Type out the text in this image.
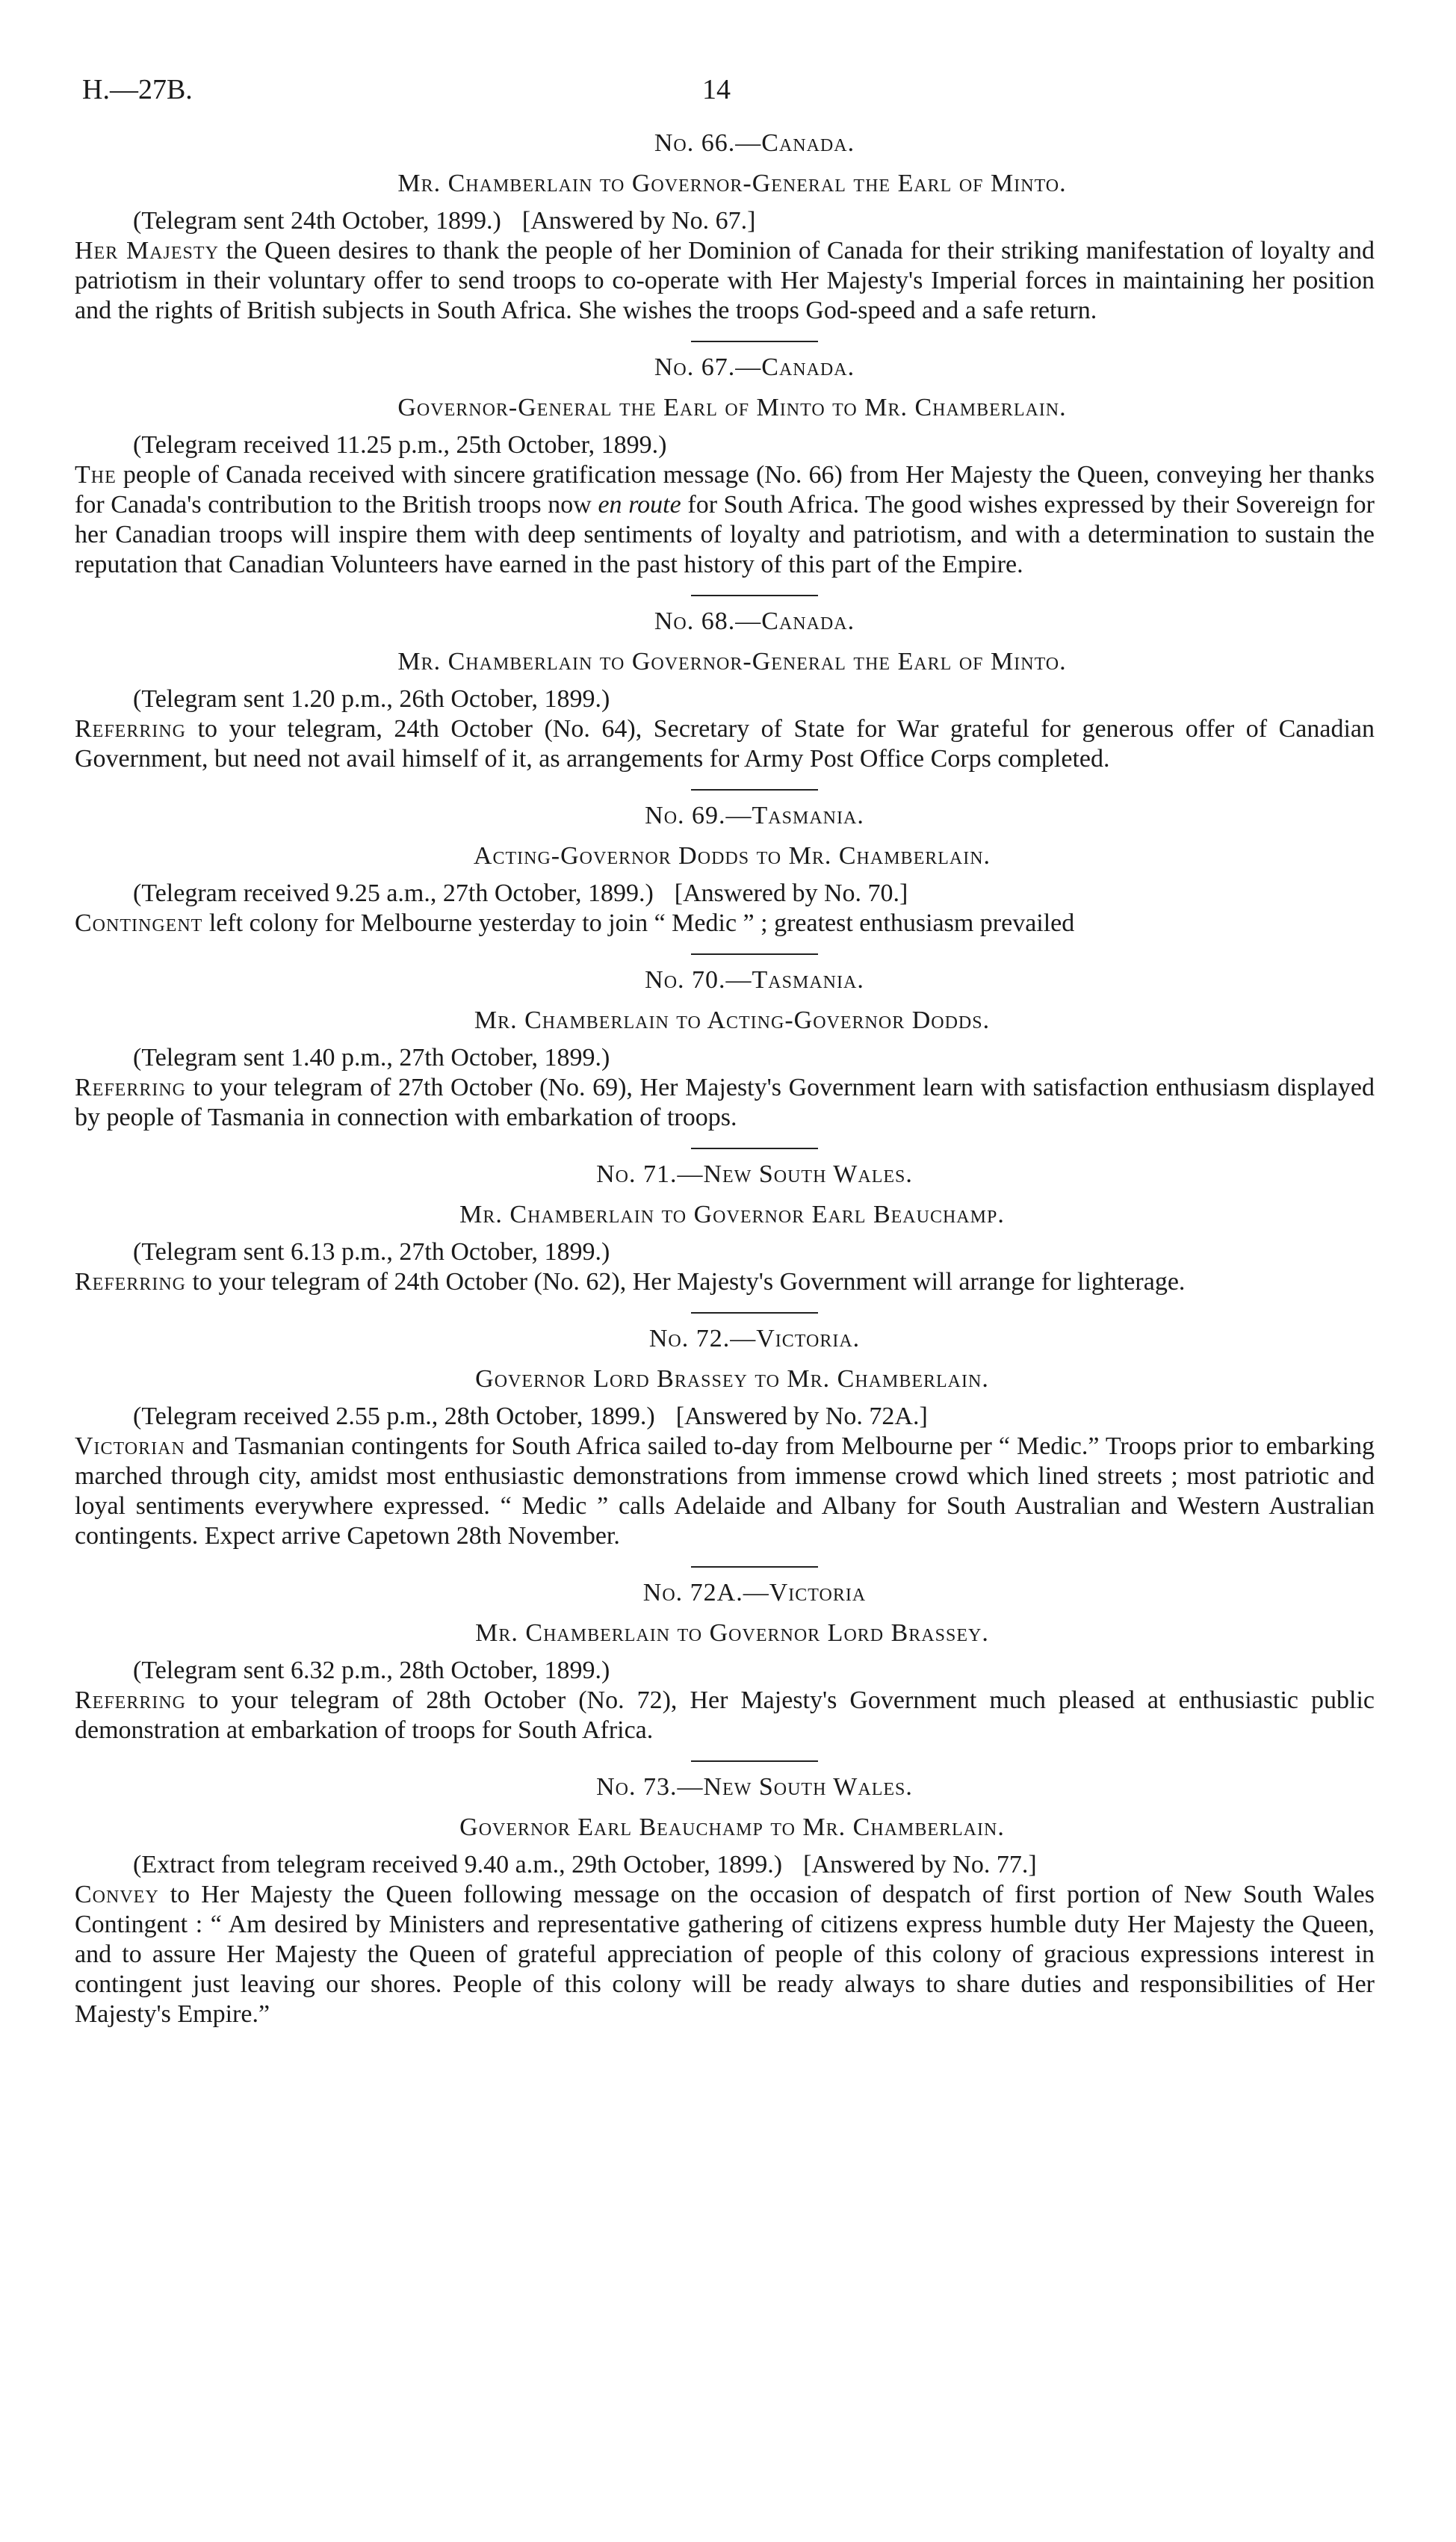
H.—27B.	14
No. 66.—Canada.
Mr. Chamberlain to Governor-General the Earl of Minto.
(Telegram sent 24th October, 1899.) [Answered by No. 67.]
Her Majesty the Queen desires to thank the people of her Dominion of Canada for their striking manifestation of loyalty and patriotism in their voluntary offer to send troops to co-operate with Her Majesty's Imperial forces in maintaining her position and the rights of British subjects in South Africa. She wishes the troops God-speed and a safe return.
No. 67.—Canada.
Governor-General the Earl of Minto to Mr. Chamberlain.
(Telegram received 11.25 p.m., 25th October, 1899.)
The people of Canada received with sincere gratification message (No. 66) from Her Majesty the Queen, conveying her thanks for Canada's contribution to the British troops now en route for South Africa. The good wishes expressed by their Sovereign for her Canadian troops will inspire them with deep sentiments of loyalty and patriotism, and with a determination to sustain the reputation that Canadian Volunteers have earned in the past history of this part of the Empire.
No. 68.—Canada.
Mr. Chamberlain to Governor-General the Earl of Minto.
(Telegram sent 1.20 p.m., 26th October, 1899.)
Referring to your telegram, 24th October (No. 64), Secretary of State for War grateful for generous offer of Canadian Government, but need not avail himself of it, as arrangements for Army Post Office Corps completed.
No. 69.—Tasmania.
Acting-Governor Dodds to Mr. Chamberlain.
(Telegram received 9.25 a.m., 27th October, 1899.) [Answered by No. 70.]
Contingent left colony for Melbourne yesterday to join “ Medic ” ; greatest enthusiasm prevailed
No. 70.—Tasmania.
Mr. Chamberlain to Acting-Governor Dodds.
(Telegram sent 1.40 p.m., 27th October, 1899.)
Referring to your telegram of 27th October (No. 69), Her Majesty's Government learn with satisfaction enthusiasm displayed by people of Tasmania in connection with embarkation of troops.
No. 71.—New South Wales.
Mr. Chamberlain to Governor Earl Beauchamp.
(Telegram sent 6.13 p.m., 27th October, 1899.)
Referring to your telegram of 24th October (No. 62), Her Majesty's Government will arrange for lighterage.
No. 72.—Victoria.
Governor Lord Brassey to Mr. Chamberlain.
(Telegram received 2.55 p.m., 28th October, 1899.) [Answered by No. 72A.]
Victorian and Tasmanian contingents for South Africa sailed to-day from Melbourne per “ Medic.” Troops prior to embarking marched through city, amidst most enthusiastic demonstrations from immense crowd which lined streets ; most patriotic and loyal sentiments everywhere expressed. “ Medic ” calls Adelaide and Albany for South Australian and Western Australian contingents. Expect arrive Capetown 28th November.
No. 72A.—Victoria
Mr. Chamberlain to Governor Lord Brassey.
(Telegram sent 6.32 p.m., 28th October, 1899.)
Referring to your telegram of 28th October (No. 72), Her Majesty's Government much pleased at enthusiastic public demonstration at embarkation of troops for South Africa.
No. 73.—New South Wales.
Governor Earl Beauchamp to Mr. Chamberlain.
(Extract from telegram received 9.40 a.m., 29th October, 1899.) [Answered by No. 77.]
Convey to Her Majesty the Queen following message on the occasion of despatch of first portion of New South Wales Contingent : “ Am desired by Ministers and representative gathering of citizens express humble duty Her Majesty the Queen, and to assure Her Majesty the Queen of grateful appreciation of people of this colony of gracious expressions interest in contingent just leaving our shores. People of this colony will be ready always to share duties and responsibilities of Her Majesty's Empire.”
